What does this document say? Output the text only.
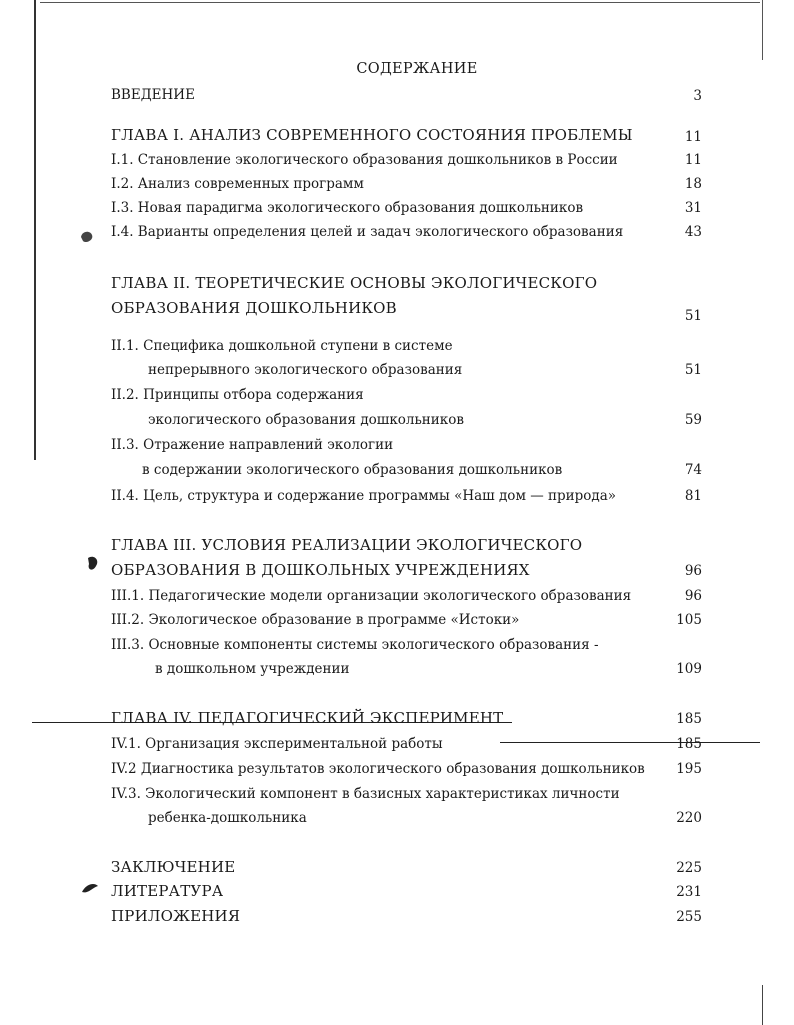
СОДЕРЖАНИЕ
ВВЕДЕНИЕ	3
ГЛАВА I. АНАЛИЗ СОВРЕМЕННОГО СОСТОЯНИЯ ПРОБЛЕМЫ	11
I.1. Становление экологического образования дошкольников в России	11
I.2. Анализ современных программ	18
I.3. Новая парадигма экологического образования дошкольников	31
I.4. Варианты определения целей и задач экологического образования	43
ГЛАВА II. ТЕОРЕТИЧЕСКИЕ ОСНОВЫ ЭКОЛОГИЧЕСКОГО
ОБРАЗОВАНИЯ ДОШКОЛЬНИКОВ	51
II.1. Специфика дошкольной ступени в системе
непрерывного экологического образования	51
II.2. Принципы отбора содержания
экологического образования дошкольников	59
II.3. Отражение направлений экологии
в содержании экологического образования дошкольников	74
II.4. Цель, структура и содержание программы «Наш дом — природа»	81
ГЛАВА III. УСЛОВИЯ РЕАЛИЗАЦИИ ЭКОЛОГИЧЕСКОГО
ОБРАЗОВАНИЯ В ДОШКОЛЬНЫХ УЧРЕЖДЕНИЯХ	96
III.1. Педагогические модели организации экологического образования	96
III.2. Экологическое образование в программе «Истоки»	105
III.3. Основные компоненты системы экологического образования -
в дошкольном учреждении	109
ГЛАВА IV. ПЕДАГОГИЧЕСКИЙ ЭКСПЕРИМЕНТ	185
IV.1. Организация экспериментальной работы	185
IV.2 Диагностика результатов экологического образования дошкольников	195
IV.3. Экологический компонент в базисных характеристиках личности
ребенка-дошкольника	220
ЗАКЛЮЧЕНИЕ	225
ЛИТЕРАТУРА	231
ПРИЛОЖЕНИЯ	255
